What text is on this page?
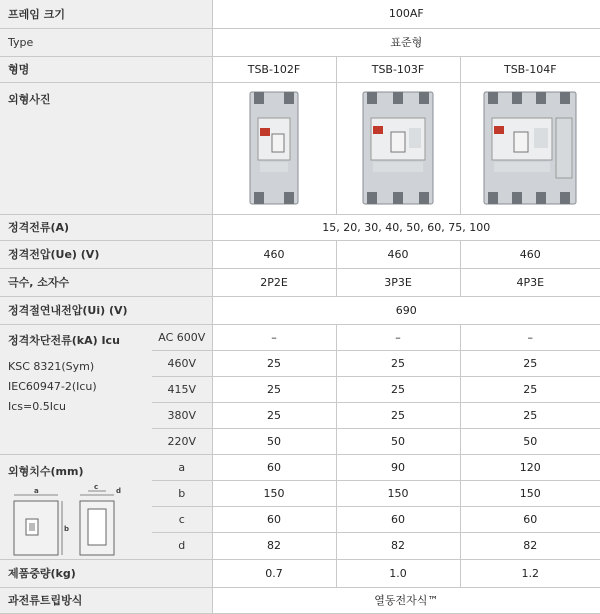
프레임 크기		100AF		
Type		표준형		
형명		TSB-102F	TSB-103F	TSB-104F
외형사진	

정격전류(A)		15, 20, 30, 40, 50, 60, 75, 100		
정격전압(Ue) (V)		460	460	460
극수, 소자수		2P2E	3P3E	4P3E
정격절연내전압(Ui) (V)		690		

정격차단전류(kA) Icu
KSC 8321(Sym)
IEC60947-2(Icu)
Ics=0.5Icu	AC 600V	–	–	–
	460V	25	25	25
	415V	25	25	25
	380V	25	25	25
	220V	50	50	50

외형치수(mm)
a
b
d
c	a	60	90	120
	b	150	150	150
	c	60	60	60
	d	82	82	82
제품중량(kg)		0.7	1.0	1.2
과전류트립방식		열동전자식™		
